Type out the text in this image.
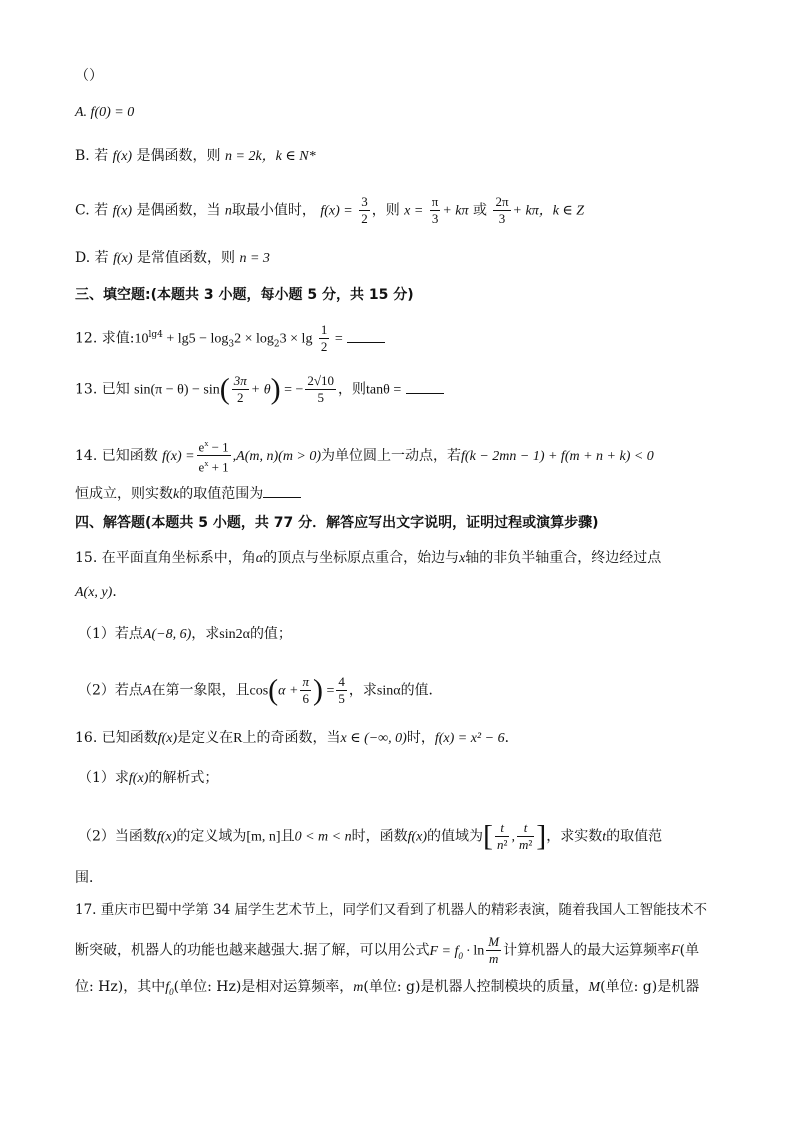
（）
A. f(0) = 0
B. 若 f(x) 是偶函数，则 n = 2k，k ∈ N*
C. 若 f(x) 是偶函数，当 n取最小值时， $f(x) = \frac{3}{2}$ ，则 $x = \frac{\pi}{3} + k\pi$ 或 $\frac{2\pi}{3} + k\pi$，k ∈ Z
D. 若 f(x) 是常值函数，则 n = 3
三、填空题:(本题共 3 小题，每小题 5 分，共 15 分)
12. 求值$:10^{lg4} + \lg 5 - \log_32 \times \log_23 \times \lg \frac{1}{2}$ =
13. 已知 $\sin(\pi - \theta) - \sin( \frac{3\pi}{2} + \theta)$ = − $\frac{2√10}{5}$ ，则tanθ =
14. 已知函数 $f(x) = \frac{e^x - 1}{e^x + 1} ,A(m$, n)(m > 0)为单位圆上一动点，若f(k − 2mn − 1) + f(m + n + k) < 0
恒成立，则实数k的取值范围为
四、解答题(本题共 5 小题，共 77 分．解答应写出文字说明，证明过程或演算步骤)
15. 在平面直角坐标系中，角α的顶点与坐标原点重合，始边与x轴的非负半轴重合，终边经过点
A(x, y)．
（1）若点A(−8, 6)，求sin2α的值；
（2）若点A在第一象限，且$\cos(\alpha + \frac{\pi}{6}$ ) = $\frac{4}{5}$ ，求sinα的值．
16. 已知函数f(x)是定义在R上的奇函数，当x ∈ (−∞, 0)时，f(x) = x² − 6．
（1）求f(x)的解析式；
（2）当函数f(x)的定义域为[m, n]且0 < m < n时，函数f(x)的值域为[ $\frac{t}{\text{n²}}$ , $\frac{t}{\text{m²}}$ ]，求实数t的取值范
围．
17. 重庆市巴蜀中学第 34 届学生艺术节上，同学们又看到了机器人的精彩表演，随着我国人工智能技术不
断突破，机器人的功能也越来越强大.据了解，可以用公式$F = f_0 \cdot \ln \frac{M}{m}$ 计算机器人的最大运算频率F(单
位: Hz)，其中$f_0$(单位: Hz)是相对运算频率，m(单位: g)是机器人控制模块的质量，M(单位: g)是机器
